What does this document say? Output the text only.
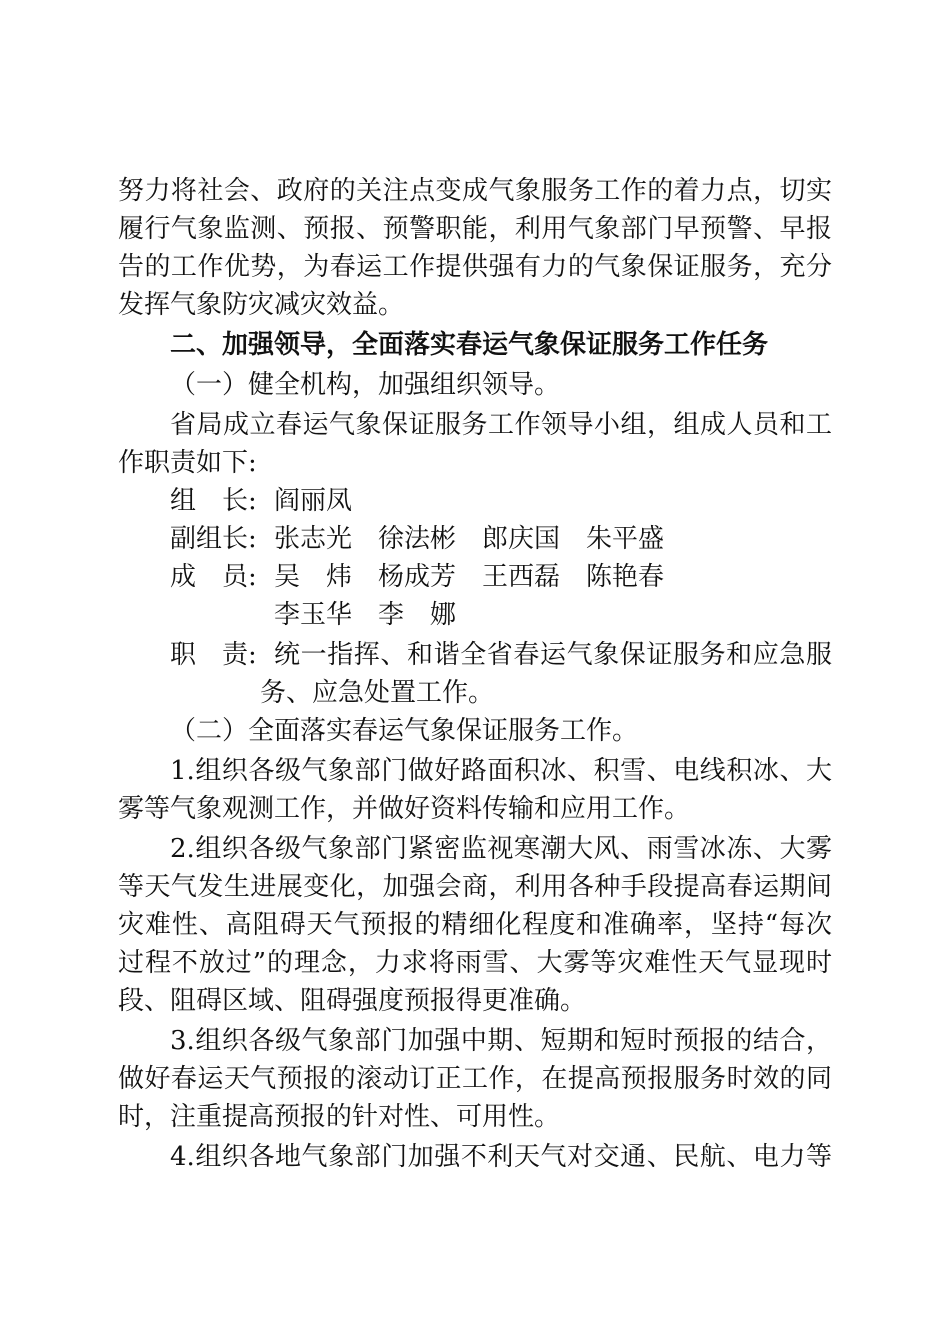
努力将社会、政府的关注点变成气象服务工作的着力点，切实
履行气象监测、预报、预警职能，利用气象部门早预警、早报
告的工作优势，为春运工作提供强有力的气象保证服务，充分
发挥气象防灾减灾效益。
二、加强领导，全面落实春运气象保证服务工作任务
（一）健全机构，加强组织领导。
省局成立春运气象保证服务工作领导小组，组成人员和工
作职责如下:
组　长: 阎丽凤
副组长: 张志光　徐法彬　郎庆国　朱平盛
成　员: 吴　炜　杨成芳　王西磊　陈艳春
李玉华　李　娜
职　责: 统一指挥、和谐全省春运气象保证服务和应急服
务、应急处置工作。
（二）全面落实春运气象保证服务工作。
1.组织各级气象部门做好路面积冰、积雪、电线积冰、大
雾等气象观测工作，并做好资料传输和应用工作。
2.组织各级气象部门紧密监视寒潮大风、雨雪冰冻、大雾
等天气发生进展变化，加强会商，利用各种手段提高春运期间
灾难性、高阻碍天气预报的精细化程度和准确率，坚持“每次
过程不放过”的理念，力求将雨雪、大雾等灾难性天气显现时
段、阻碍区域、阻碍强度预报得更准确。
3.组织各级气象部门加强中期、短期和短时预报的结合，
做好春运天气预报的滚动订正工作，在提高预报服务时效的同
时，注重提高预报的针对性、可用性。
4.组织各地气象部门加强不利天气对交通、民航、电力等
